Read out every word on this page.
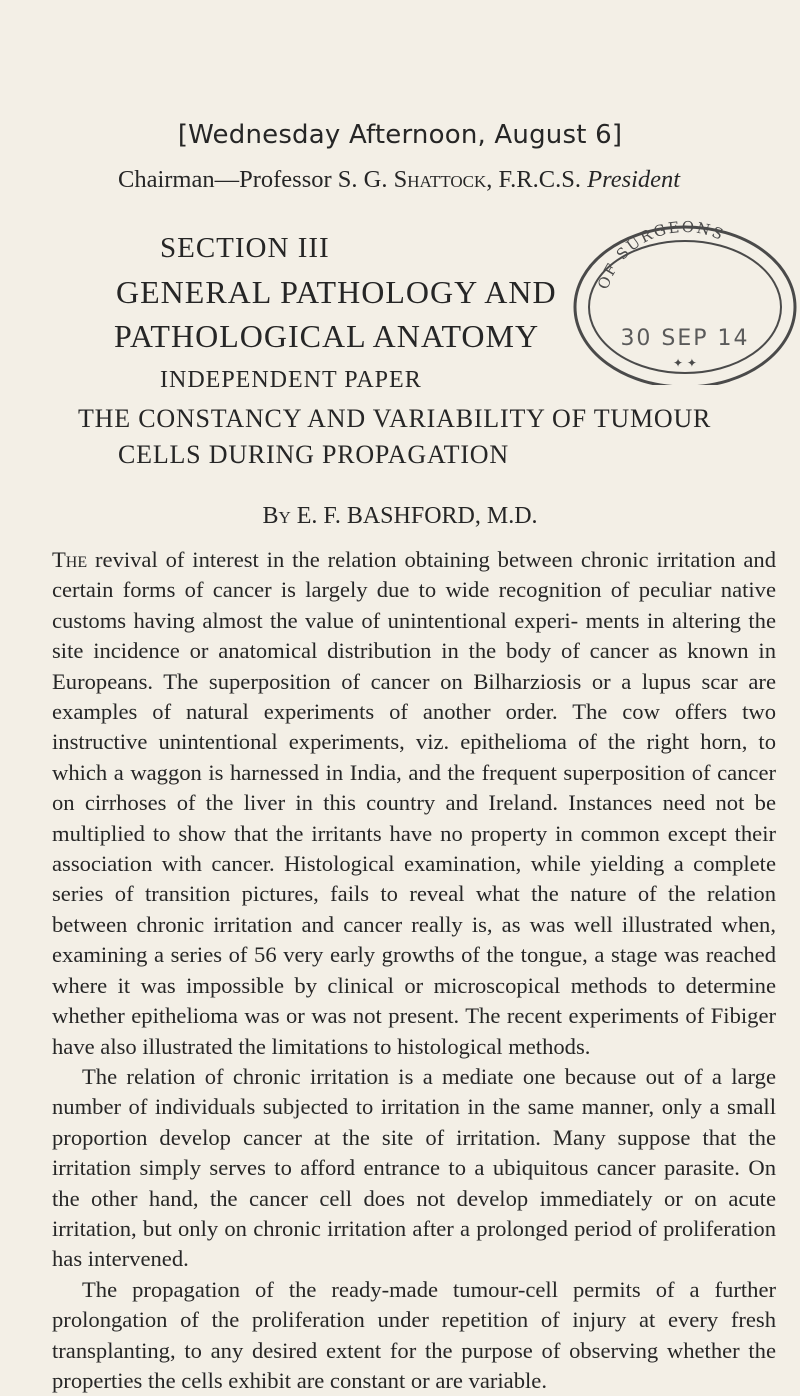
[Wednesday Afternoon, August 6]
Chairman—Professor S. G. Shattock, F.R.C.S. President
SECTION III
GENERAL PATHOLOGY AND
PATHOLOGICAL ANATOMY
INDEPENDENT PAPER
THE CONSTANCY AND VARIABILITY OF TUMOUR
CELLS DURING PROPAGATION
By E. F. BASHFORD, M.D.

The revival of interest in the relation obtaining between chronic irritation and certain forms of cancer is largely due to wide recognition of peculiar native customs having almost the value of unintentional experi- ments in altering the site incidence or anatomical distribution in the body of cancer as known in Europeans. The superposition of cancer on Bilharziosis or a lupus scar are examples of natural experiments of another order. The cow offers two instructive unintentional experiments, viz. epithelioma of the right horn, to which a waggon is harnessed in India, and the frequent superposition of cancer on cirrhoses of the liver in this country and Ireland. Instances need not be multiplied to show that the irritants have no property in common except their association with cancer. Histological examination, while yielding a complete series of transition pictures, fails to reveal what the nature of the relation between chronic irritation and cancer really is, as was well illustrated when, examining a series of 56 very early growths of the tongue, a stage was reached where it was impossible by clinical or microscopical methods to determine whether epithelioma was or was not present. The recent experiments of Fibiger have also illustrated the limitations to histological methods.

The relation of chronic irritation is a mediate one because out of a large number of individuals subjected to irritation in the same manner, only a small proportion develop cancer at the site of irritation. Many suppose that the irritation simply serves to afford entrance to a ubiquitous cancer parasite. On the other hand, the cancer cell does not develop immediately or on acute irritation, but only on chronic irritation after a prolonged period of proliferation has intervened.

The propagation of the ready-made tumour-cell permits of a further prolongation of the proliferation under repetition of injury at every fresh transplanting, to any desired extent for the purpose of observing whether the properties the cells exhibit are constant or are variable.

OF SURGEONS
30 SEP 14
✦ ✦
